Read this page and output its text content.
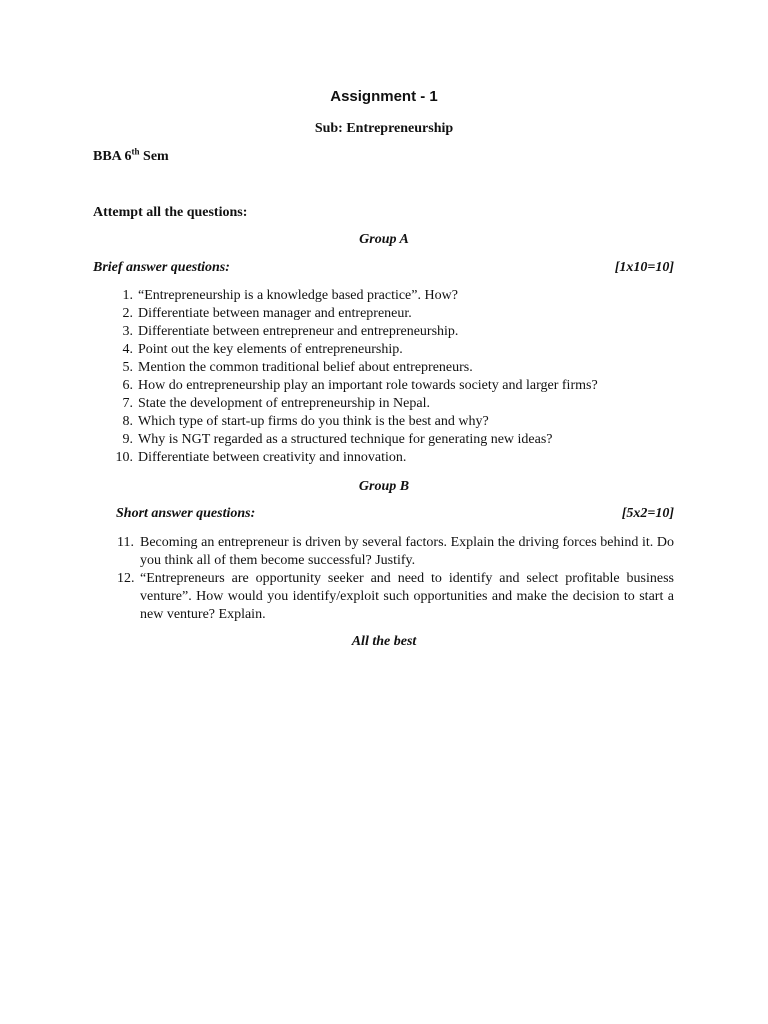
Assignment - 1
Sub: Entrepreneurship
BBA 6th Sem
Attempt all the questions:
Group A
Brief answer questions:	[1x10=10]
1. “Entrepreneurship is a knowledge based practice”. How?
2. Differentiate between manager and entrepreneur.
3. Differentiate between entrepreneur and entrepreneurship.
4. Point out the key elements of entrepreneurship.
5. Mention the common traditional belief about entrepreneurs.
6. How do entrepreneurship play an important role towards society and larger firms?
7. State the development of entrepreneurship in Nepal.
8. Which type of start-up firms do you think is the best and why?
9. Why is NGT regarded as a structured technique for generating new ideas?
10. Differentiate between creativity and innovation.
Group B
Short answer questions:	[5x2=10]
11. Becoming an entrepreneur is driven by several factors. Explain the driving forces behind it. Do you think all of them become successful? Justify.
12. “Entrepreneurs are opportunity seeker and need to identify and select profitable business venture”. How would you identify/exploit such opportunities and make the decision to start a new venture? Explain.
All the best
